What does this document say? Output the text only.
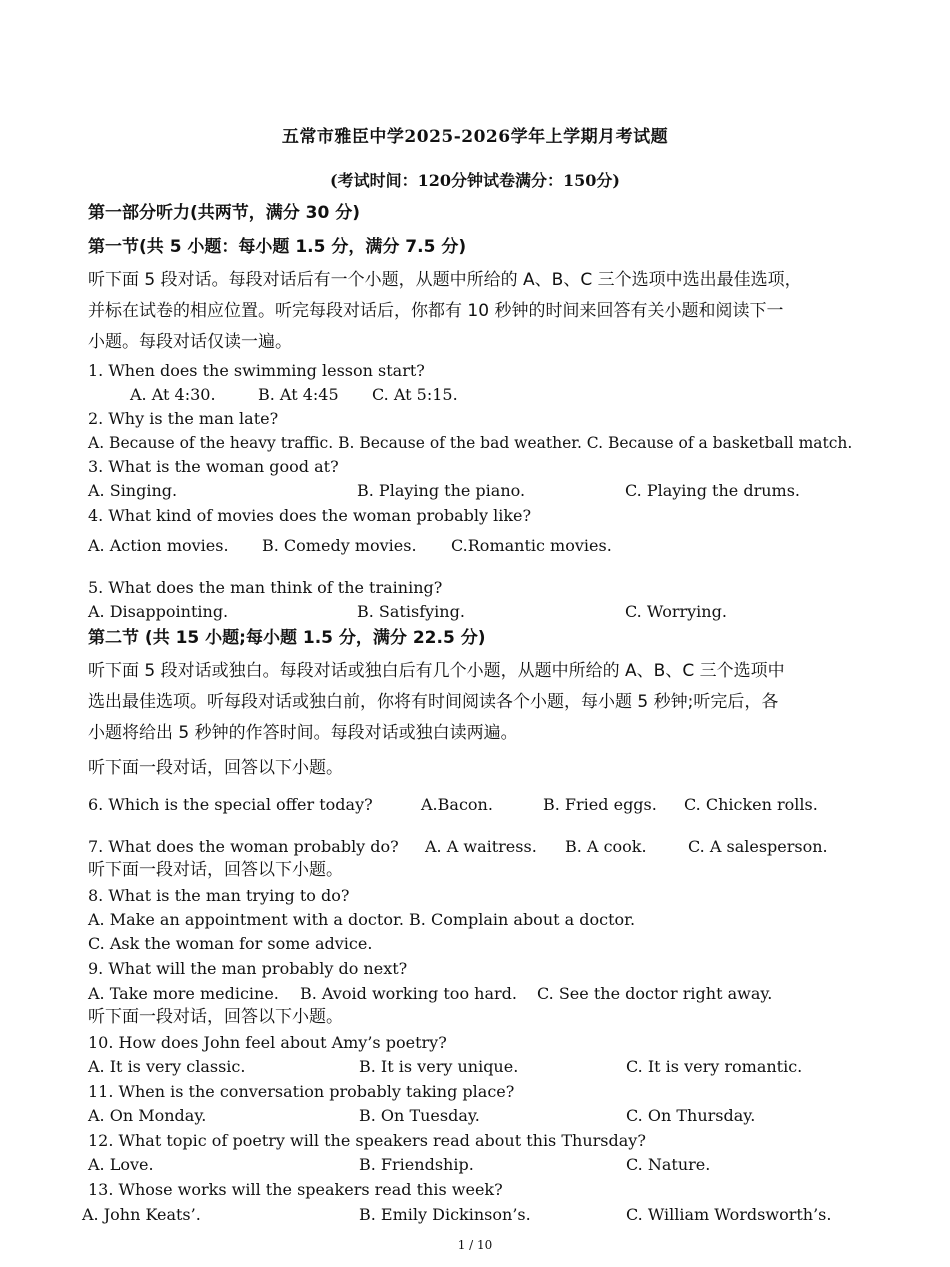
五常市雅臣中学2025-2026学年上学期月考试题
(考试时间：120分钟试卷满分：150分)
第一部分听力(共两节，满分 30 分)
第一节(共 5 小题：每小题 1.5 分，满分 7.5 分)
听下面 5 段对话。每段对话后有一个小题，从题中所给的 A、B、C 三个选项中选出最佳选项，
并标在试卷的相应位置。听完每段对话后，你都有 10 秒钟的时间来回答有关小题和阅读下一
小题。每段对话仅读一遍。
1. When does the swimming lesson start?
A. At 4:30.	B. At 4:45 C. At 5:15.
2. Why is the man late?
A. Because of the heavy traffic. B. Because of the bad weather. C. Because of a basketball match.
3. What is the woman good at?
A. Singing.	B. Playing the piano.	C. Playing the drums.
4. What kind of movies does the woman probably like?
A. Action movies. B. Comedy movies. C.Romantic movies.
5. What does the man think of the training?
A. Disappointing.	B. Satisfying.	C. Worrying.
第二节 (共 15 小题;每小题 1.5 分，满分 22.5 分)
听下面 5 段对话或独白。每段对话或独白后有几个小题，从题中所给的 A、B、C 三个选项中
选出最佳选项。听每段对话或独白前，你将有时间阅读各个小题，每小题 5 秒钟;听完后，各
小题将给出 5 秒钟的作答时间。每段对话或独白读两遍。
听下面一段对话，回答以下小题。
6. Which is the special offer today?	A.Bacon.	B. Fried eggs. C. Chicken rolls.
7. What does the woman probably do? A. A waitress. B. A cook.	C. A salesperson.
听下面一段对话，回答以下小题。
8. What is the man trying to do?
A. Make an appointment with a doctor. B. Complain about a doctor.
C. Ask the woman for some advice.
9. What will the man probably do next?
A. Take more medicine. B. Avoid working too hard. C. See the doctor right away.
听下面一段对话，回答以下小题。
10. How does John feel about Amy’s poetry?
A. It is very classic.	B. It is very unique.	C. It is very romantic.
11. When is the conversation probably taking place?
A. On Monday.	B. On Tuesday.	C. On Thursday.
12. What topic of poetry will the speakers read about this Thursday?
A. Love.	B. Friendship.	C. Nature.
13. Whose works will the speakers read this week?
A. John Keats’.	B. Emily Dickinson’s.	C. William Wordsworth’s.
1 / 10
